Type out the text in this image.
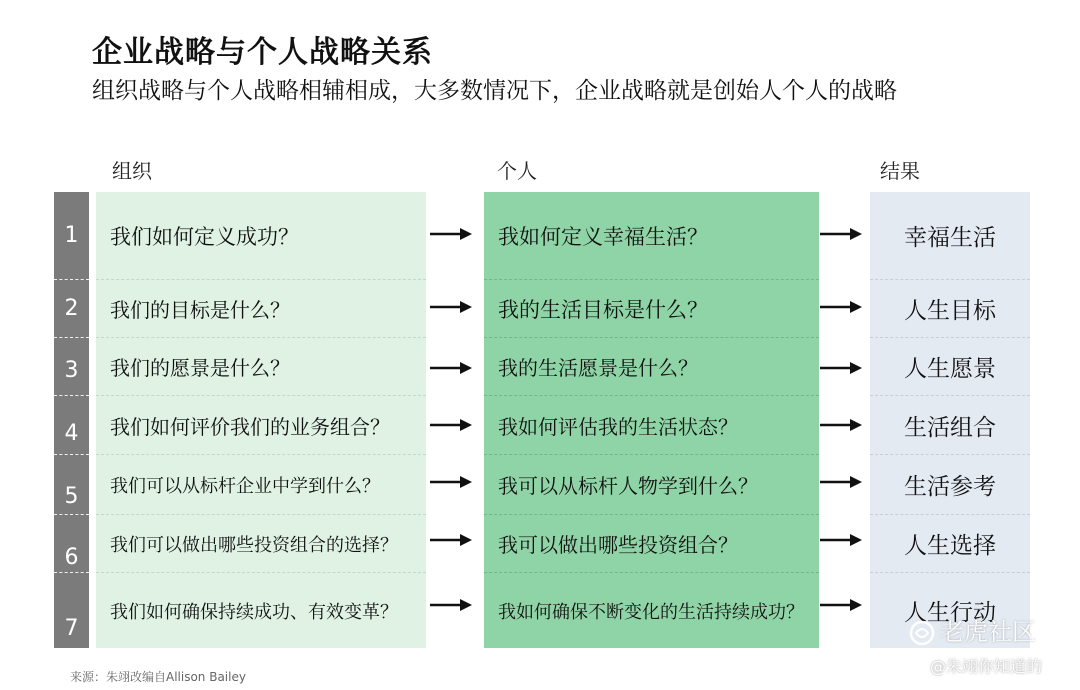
企业战略与个人战略关系
组织战略与个人战略相辅相成，大多数情况下，企业战略就是创始人个人的战略
组织	个人	结果
1
2
3
4
5
6
7
我们如何定义成功？
我们的目标是什么？
我们的愿景是什么？
我们如何评价我们的业务组合？
我们可以从标杆企业中学到什么？
我们可以做出哪些投资组合的选择？
我们如何确保持续成功、有效变革？
我如何定义幸福生活？
我的生活目标是什么？
我的生活愿景是什么？
我如何评估我的生活状态？
我可以从标杆人物学到什么？
我可以做出哪些投资组合？
我如何确保不断变化的生活持续成功？
幸福生活
人生目标
人生愿景
生活组合
生活参考
人生选择
人生行动
来源：朱翊改编自Allison Bailey
老虎社区
@朱翊你知道的
